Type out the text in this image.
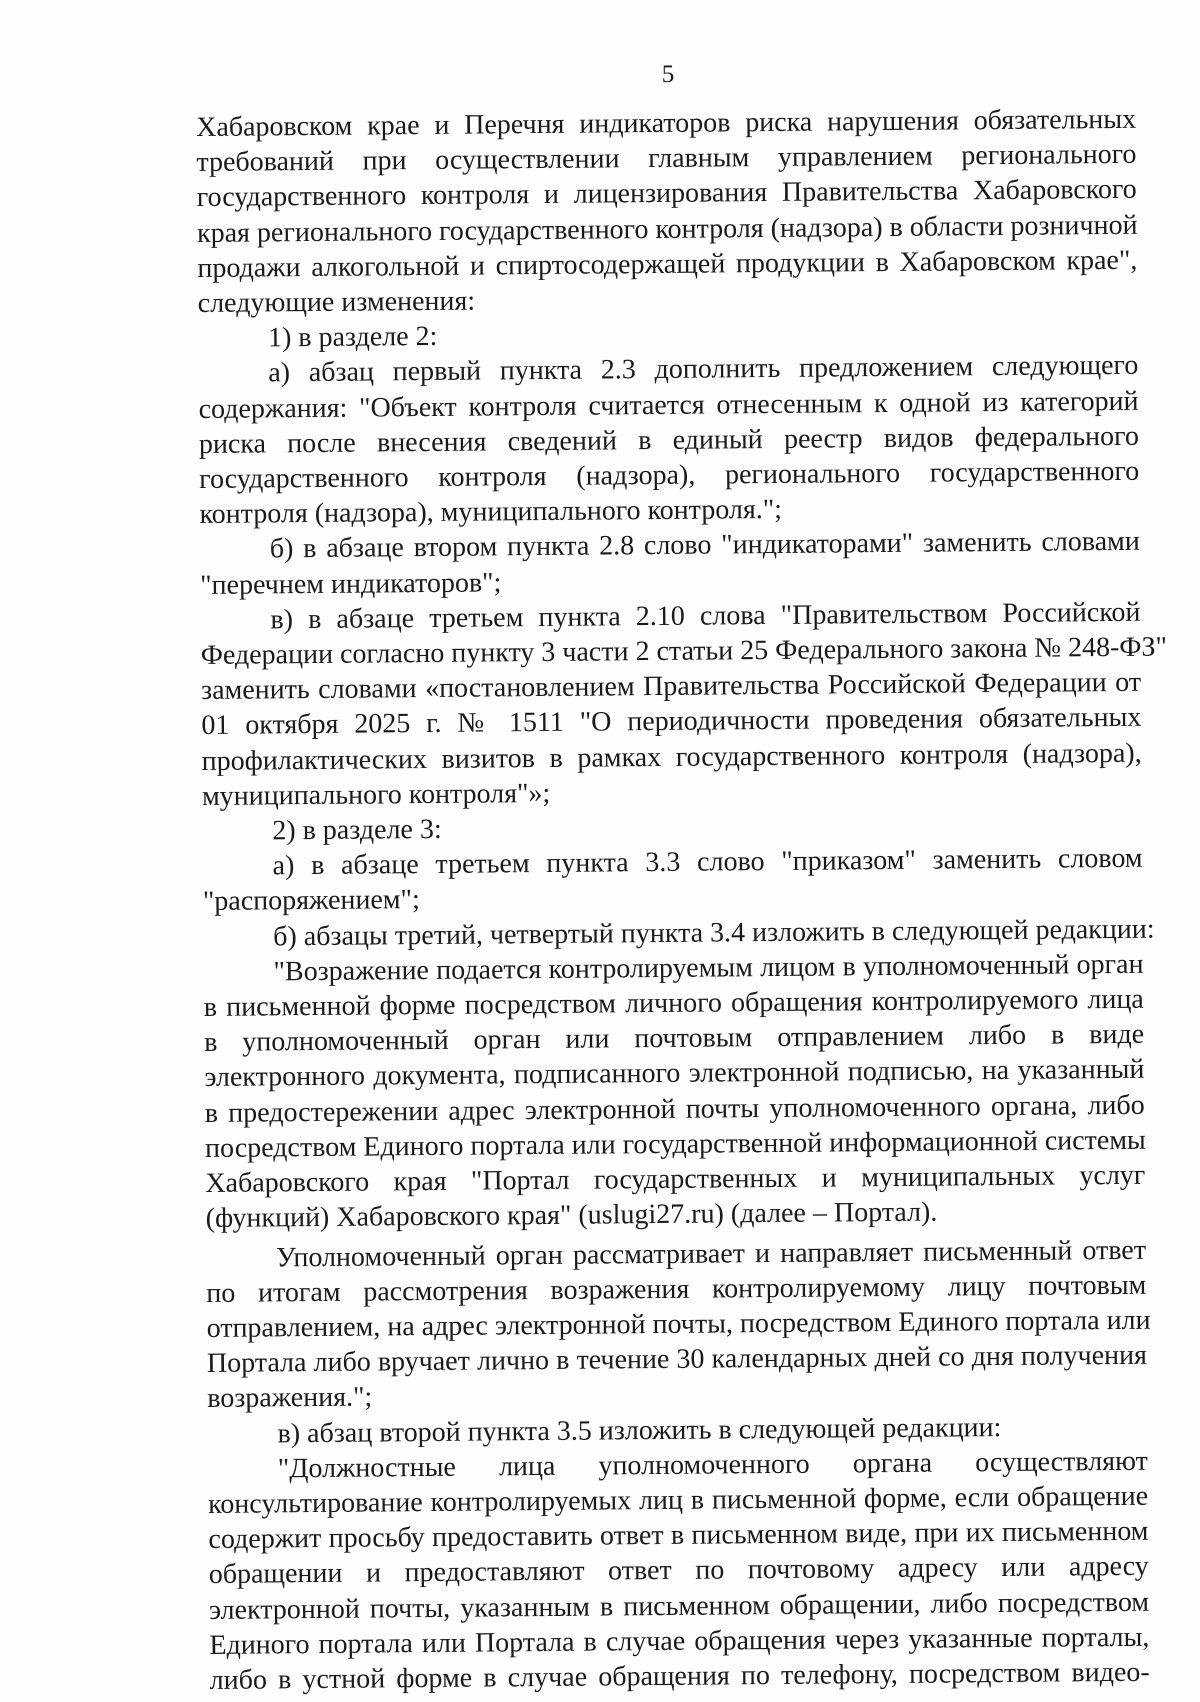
5
Хабаровском крае и Перечня индикаторов риска нарушения обязательных
требований при осуществлении главным управлением регионального
государственного контроля и лицензирования Правительства Хабаровского
края регионального государственного контроля (надзора) в области розничной
продажи алкогольной и спиртосодержащей продукции в Хабаровском крае",
следующие изменения:
1) в разделе 2:
а) абзац первый пункта 2.3 дополнить предложением следующего
содержания: "Объект контроля считается отнесенным к одной из категорий
риска после внесения сведений в единый реестр видов федерального
государственного контроля (надзора), регионального государственного
контроля (надзора), муниципального контроля.";
б) в абзаце втором пункта 2.8 слово "индикаторами" заменить словами
"перечнем индикаторов";
в) в абзаце третьем пункта 2.10 слова "Правительством Российской
Федерации согласно пункту 3 части 2 статьи 25 Федерального закона № 248-ФЗ"
заменить словами «постановлением Правительства Российской Федерации от
01 октября 2025 г. № 1511 "О периодичности проведения обязательных
профилактических визитов в рамках государственного контроля (надзора),
муниципального контроля"»;
2) в разделе 3:
а) в абзаце третьем пункта 3.3 слово "приказом" заменить словом
"распоряжением";
б) абзацы третий, четвертый пункта 3.4 изложить в следующей редакции:
"Возражение подается контролируемым лицом в уполномоченный орган
в письменной форме посредством личного обращения контролируемого лица
в уполномоченный орган или почтовым отправлением либо в виде
электронного документа, подписанного электронной подписью, на указанный
в предостережении адрес электронной почты уполномоченного органа, либо
посредством Единого портала или государственной информационной системы
Хабаровского края "Портал государственных и муниципальных услуг
(функций) Хабаровского края" (uslugi27.ru) (далее – Портал).
Уполномоченный орган рассматривает и направляет письменный ответ
по итогам рассмотрения возражения контролируемому лицу почтовым
отправлением, на адрес электронной почты, посредством Единого портала или
Портала либо вручает лично в течение 30 календарных дней со дня получения
возражения.";
в) абзац второй пункта 3.5 изложить в следующей редакции:
"Должностные лица уполномоченного органа осуществляют
консультирование контролируемых лиц в письменной форме, если обращение
содержит просьбу предоставить ответ в письменном виде, при их письменном
обращении и предоставляют ответ по почтовому адресу или адресу
электронной почты, указанным в письменном обращении, либо посредством
Единого портала или Портала в случае обращения через указанные порталы,
либо в устной форме в случае обращения по телефону, посредством видео-
